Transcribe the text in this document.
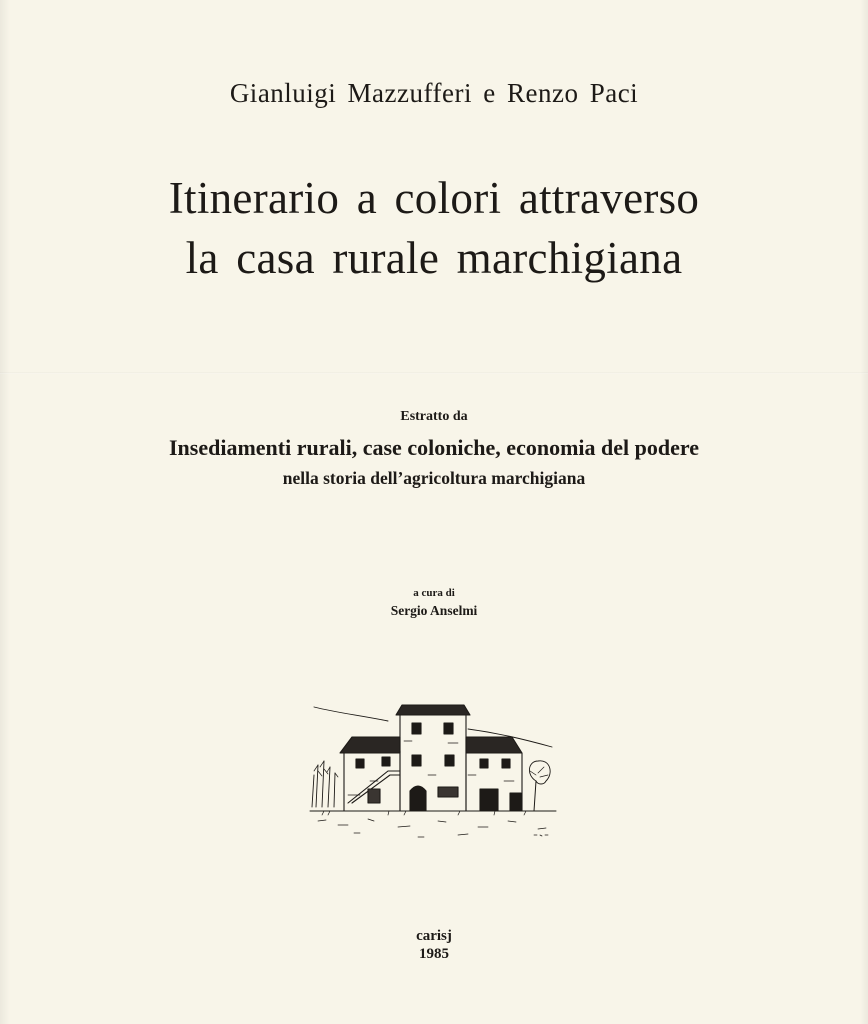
Gianluigi Mazzufferi e Renzo Paci
Itinerario a colori attraverso
la casa rurale marchigiana
Estratto da
Insediamenti rurali, case coloniche, economia del podere
nella storia dell’agricoltura marchigiana
a cura di
Sergio Anselmi
carisj
1985
